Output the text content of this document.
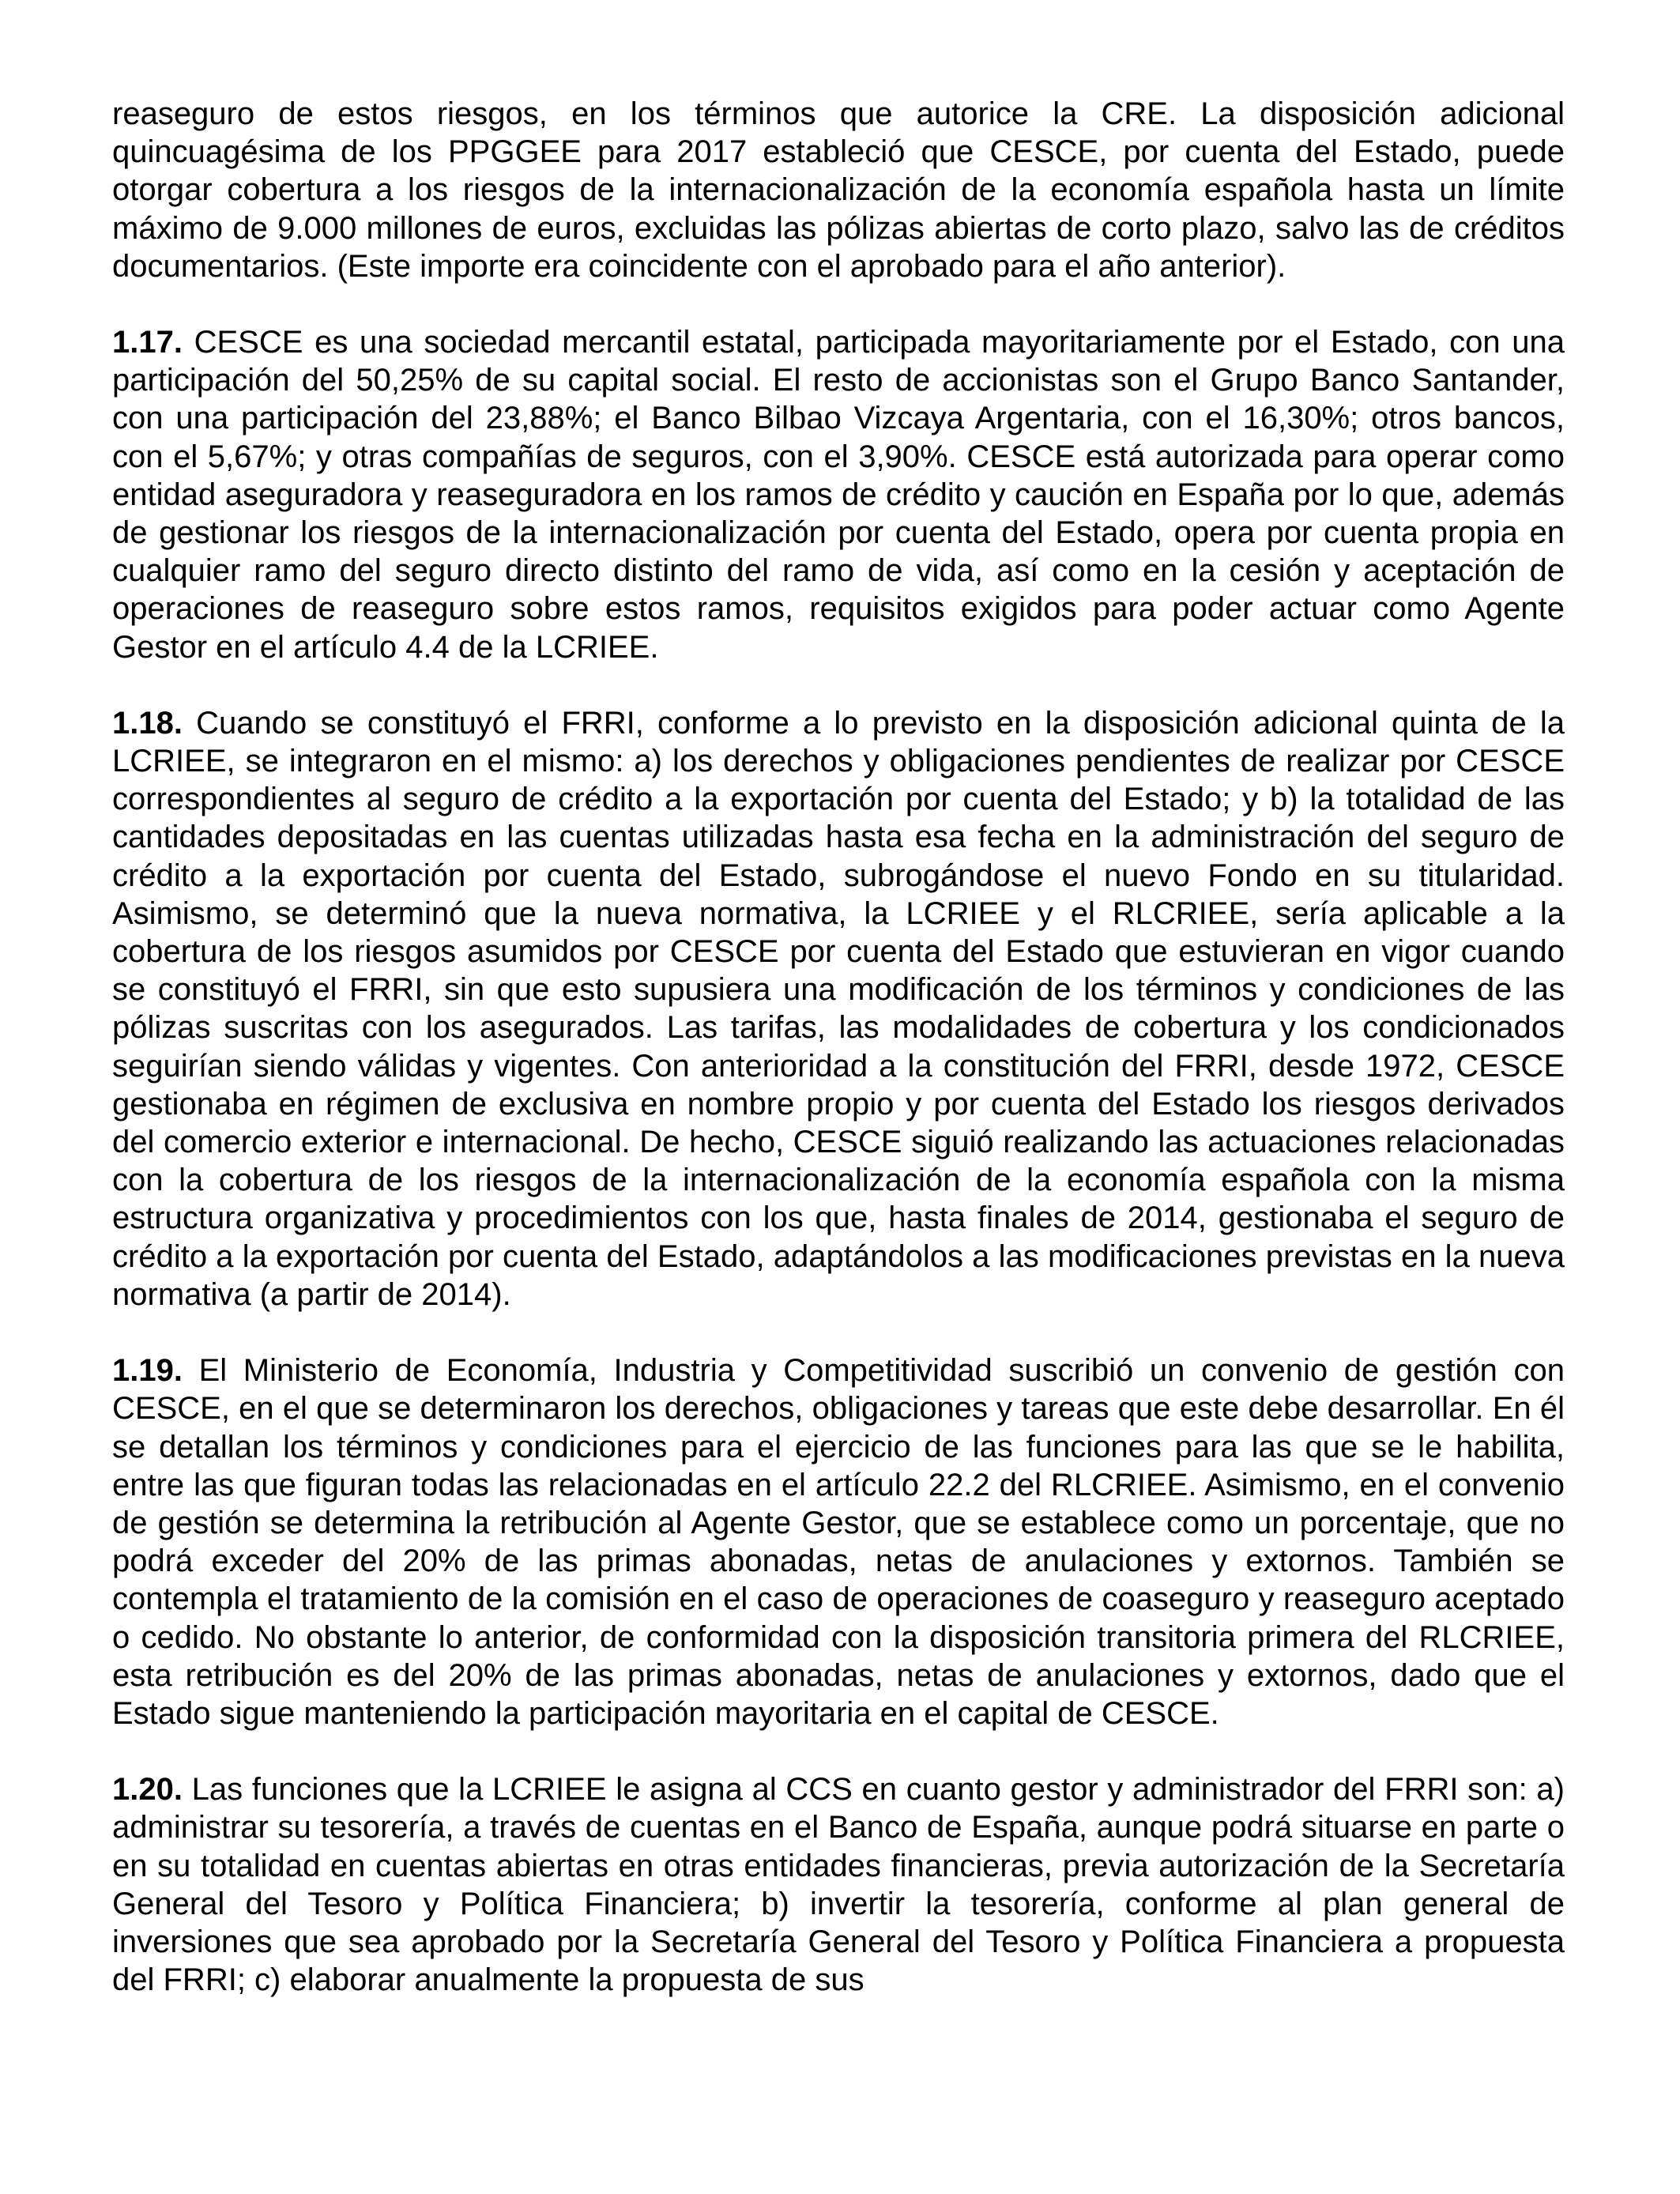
reaseguro de estos riesgos, en los términos que autorice la CRE. La disposición adicional quincuagésima de los PPGGEE para 2017 estableció que CESCE, por cuenta del Estado, puede otorgar cobertura a los riesgos de la internacionalización de la economía española hasta un límite máximo de 9.000 millones de euros, excluidas las pólizas abiertas de corto plazo, salvo las de créditos documentarios. (Este importe era coincidente con el aprobado para el año anterior).

1.17. CESCE es una sociedad mercantil estatal, participada mayoritariamente por el Estado, con una participación del 50,25% de su capital social. El resto de accionistas son el Grupo Banco Santander, con una participación del 23,88%; el Banco Bilbao Vizcaya Argentaria, con el 16,30%; otros bancos, con el 5,67%; y otras compañías de seguros, con el 3,90%. CESCE está autorizada para operar como entidad aseguradora y reaseguradora en los ramos de crédito y caución en España por lo que, además de gestionar los riesgos de la internacionalización por cuenta del Estado, opera por cuenta propia en cualquier ramo del seguro directo distinto del ramo de vida, así como en la cesión y aceptación de operaciones de reaseguro sobre estos ramos, requisitos exigidos para poder actuar como Agente Gestor en el artículo 4.4 de la LCRIEE.

1.18. Cuando se constituyó el FRRI, conforme a lo previsto en la disposición adicional quinta de la LCRIEE, se integraron en el mismo: a) los derechos y obligaciones pendientes de realizar por CESCE correspondientes al seguro de crédito a la exportación por cuenta del Estado; y b) la totalidad de las cantidades depositadas en las cuentas utilizadas hasta esa fecha en la administración del seguro de crédito a la exportación por cuenta del Estado, subrogándose el nuevo Fondo en su titularidad. Asimismo, se determinó que la nueva normativa, la LCRIEE y el RLCRIEE, sería aplicable a la cobertura de los riesgos asumidos por CESCE por cuenta del Estado que estuvieran en vigor cuando se constituyó el FRRI, sin que esto supusiera una modificación de los términos y condiciones de las pólizas suscritas con los asegurados. Las tarifas, las modalidades de cobertura y los condicionados seguirían siendo válidas y vigentes. Con anterioridad a la constitución del FRRI, desde 1972, CESCE gestionaba en régimen de exclusiva en nombre propio y por cuenta del Estado los riesgos derivados del comercio exterior e internacional. De hecho, CESCE siguió realizando las actuaciones relacionadas con la cobertura de los riesgos de la internacionalización de la economía española con la misma estructura organizativa y procedimientos con los que, hasta finales de 2014, gestionaba el seguro de crédito a la exportación por cuenta del Estado, adaptándolos a las modificaciones previstas en la nueva normativa (a partir de 2014).

1.19. El Ministerio de Economía, Industria y Competitividad suscribió un convenio de gestión con CESCE, en el que se determinaron los derechos, obligaciones y tareas que este debe desarrollar. En él se detallan los términos y condiciones para el ejercicio de las funciones para las que se le habilita, entre las que figuran todas las relacionadas en el artículo 22.2 del RLCRIEE. Asimismo, en el convenio de gestión se determina la retribución al Agente Gestor, que se establece como un porcentaje, que no podrá exceder del 20% de las primas abonadas, netas de anulaciones y extornos. También se contempla el tratamiento de la comisión en el caso de operaciones de coaseguro y reaseguro aceptado o cedido. No obstante lo anterior, de conformidad con la disposición transitoria primera del RLCRIEE, esta retribución es del 20% de las primas abonadas, netas de anulaciones y extornos, dado que el Estado sigue manteniendo la participación mayoritaria en el capital de CESCE.

1.20. Las funciones que la LCRIEE le asigna al CCS en cuanto gestor y administrador del FRRI son: a) administrar su tesorería, a través de cuentas en el Banco de España, aunque podrá situarse en parte o en su totalidad en cuentas abiertas en otras entidades financieras, previa autorización de la Secretaría General del Tesoro y Política Financiera; b) invertir la tesorería, conforme al plan general de inversiones que sea aprobado por la Secretaría General del Tesoro y Política Financiera a propuesta del FRRI; c) elaborar anualmente la propuesta de sus
